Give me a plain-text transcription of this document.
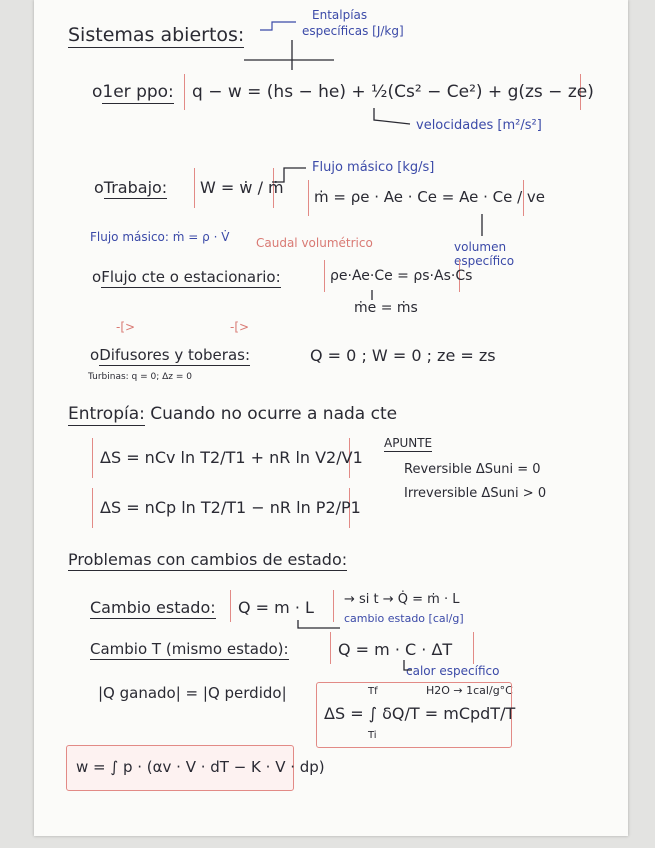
Sistemas abiertos:
Entalpías
específicas [J/kg]
o1er ppo: q − w = (hs − he) + ½(Cs² − Ce²) + g(zs − ze)
velocidades [m²/s²]
oTrabajo: W = ẇ / ṁ
Flujo másico [kg/s]
ṁ = ρe · Ae · Ce = Ae · Ce / ve
volumen específico
Flujo másico: ṁ = ρ · V̇ Caudal volumétrico
oFlujo cte o estacionario:	ρe·Ae·Ce = ρs·As·Cs
ṁe = ṁs
-[>	-[>
oDifusores y toberas:	Q = 0 ; W = 0 ; ze = zs
Turbinas: q = 0; Δz = 0
Entropía: Cuando no ocurre a nada cte
ΔS = nCv ln T2/T1 + nR ln V2/V1
ΔS = nCp ln T2/T1 − nR ln P2/P1
APUNTE
Reversible ΔSuni = 0
Irreversible ΔSuni > 0
Problemas con cambios de estado:
Cambio estado: Q = m · L → si t → Q̇ = ṁ · L
cambio estado [cal/g]
Cambio T (mismo estado):	Q = m · C · ΔT
calor específico
H2O → 1cal/g°C
|Q ganado| = |Q perdido|	Tf
Ti
ΔS = ∫ δQ/T = mCpdT/T
w = ∫ p · (αv · V · dT − K · V · dp)
